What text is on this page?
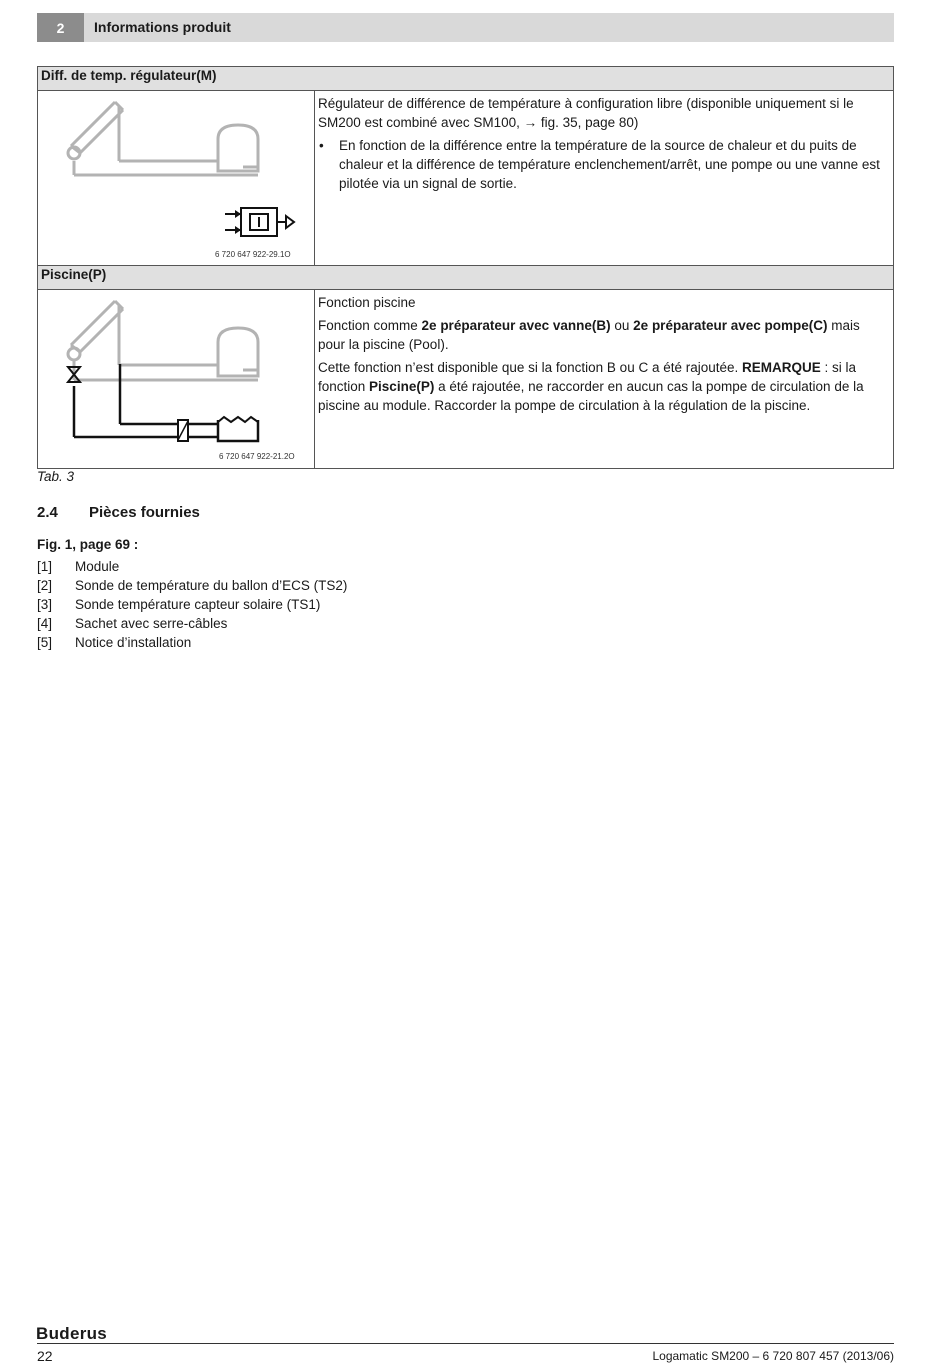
2	Informations produit
Diff. de temp. régulateur(M)	

6 720 647 922-29.1O	Régulateur de différence de température à configuration libre (disponible uniquement si le SM200 est combiné avec SM100, → fig. 35, page 80)

• En fonction de la différence entre la température de la source de chaleur et du puits de chaleur et la différence de température enclenchement/arrêt, une pompe ou une vanne est pilotée via un signal de sortie.

Piscine(P)	

6 720 647 922-21.2O	Fonction piscine

Fonction comme 2e préparateur avec vanne(B) ou 2e préparateur avec pompe(C) mais pour la piscine (Pool).

Cette fonction n’est disponible que si la fonction B ou C a été rajoutée. REMARQUE : si la fonction Piscine(P) a été rajoutée, ne raccorder en aucun cas la pompe de circulation de la piscine au module. Raccorder la pompe de circulation à la régulation de la piscine.

Tab. 3
2.4 Pièces fournies
Fig. 1, page 69 :
[1]	Module
[2]	Sonde de température du ballon d’ECS (TS2)
[3]	Sonde température capteur solaire (TS1)
[4]	Sachet avec serre-câbles
[5]	Notice d’installation
Buderus
22	Logamatic SM200 – 6 720 807 457 (2013/06)
